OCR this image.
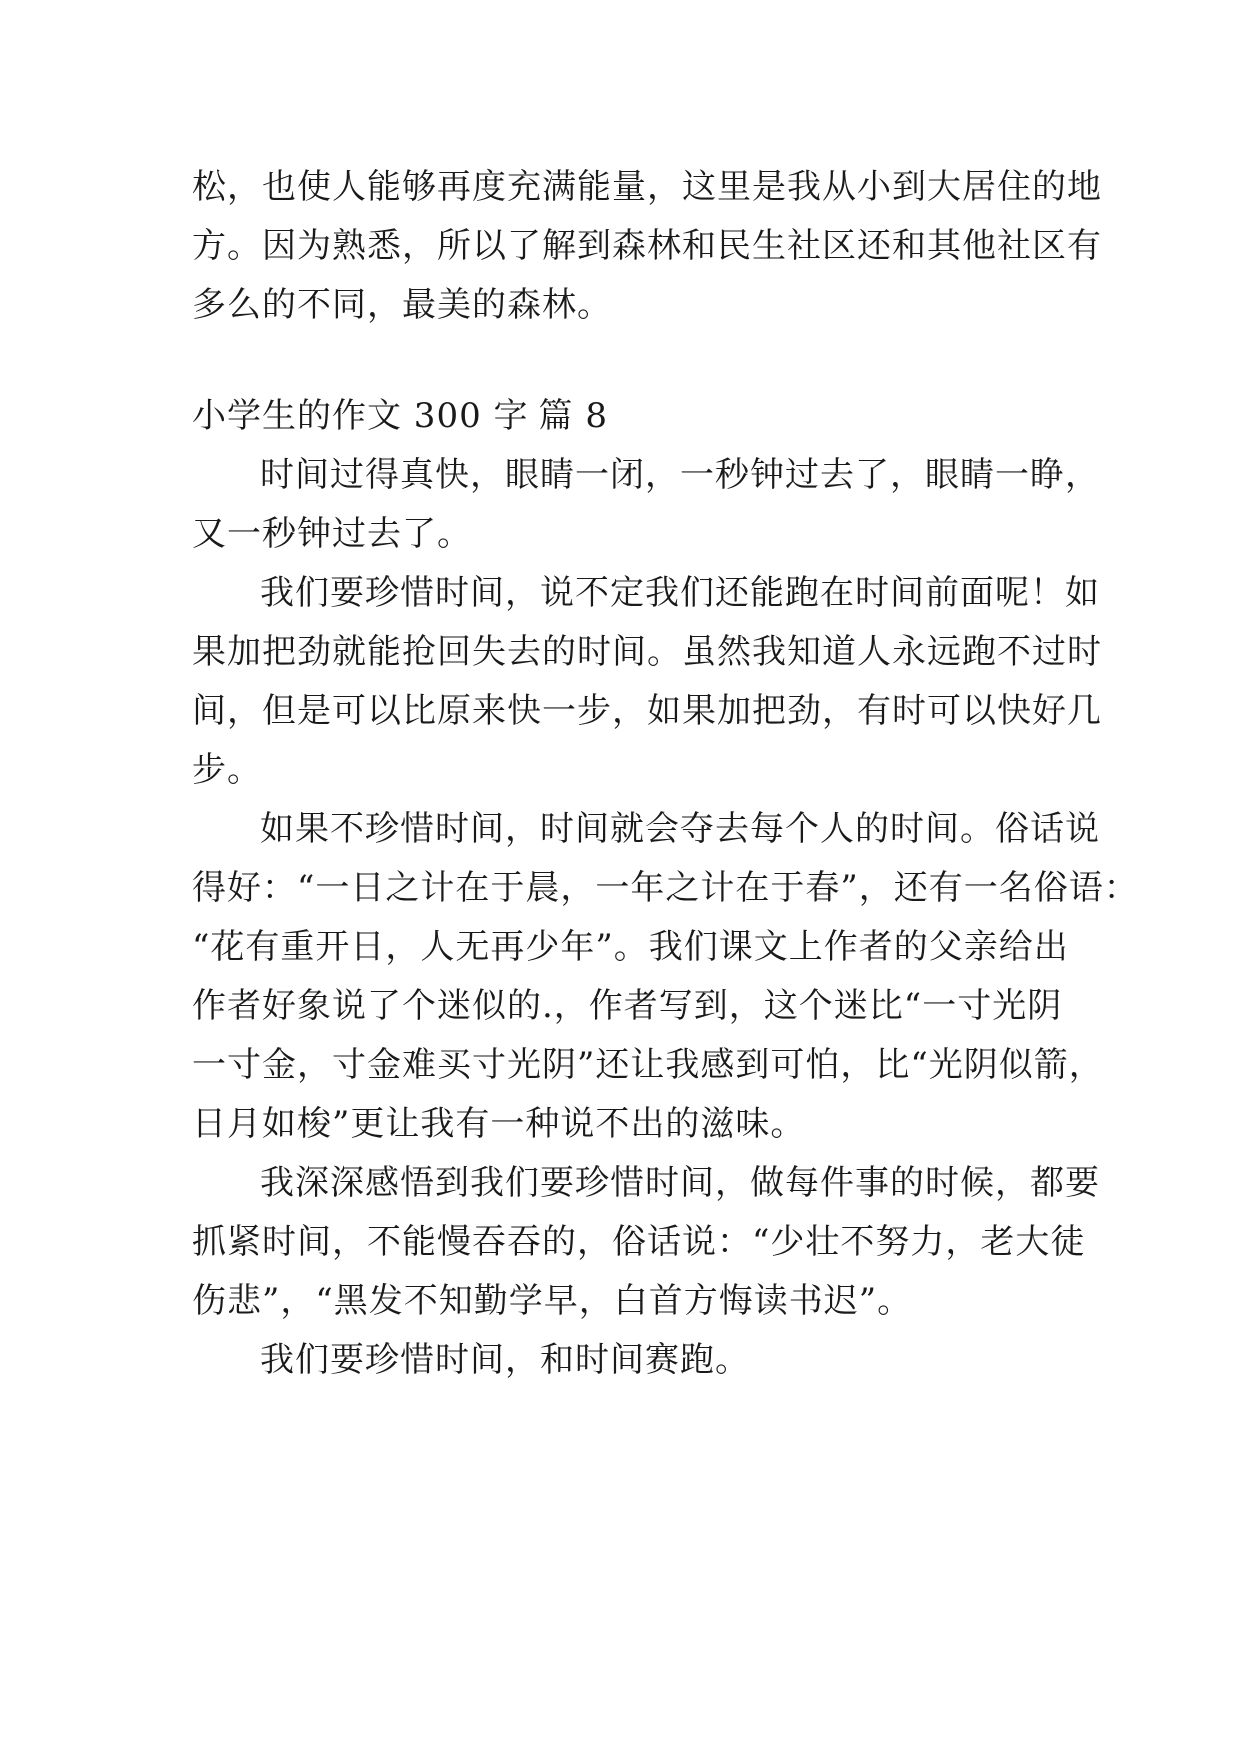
松，也使人能够再度充满能量，这里是我从小到大居住的地
方。因为熟悉，所以了解到森林和民生社区还和其他社区有
多么的不同，最美的森林。
小学生的作文 300 字 篇 8
时间过得真快，眼睛一闭，一秒钟过去了，眼睛一睁，
又一秒钟过去了。
我们要珍惜时间，说不定我们还能跑在时间前面呢！如
果加把劲就能抢回失去的时间。虽然我知道人永远跑不过时
间，但是可以比原来快一步，如果加把劲，有时可以快好几
步。
如果不珍惜时间，时间就会夺去每个人的时间。俗话说
得好：“一日之计在于晨，一年之计在于春”，还有一名俗语：
“花有重开日，人无再少年”。我们课文上作者的父亲给出
作者好象说了个迷似的.，作者写到，这个迷比“一寸光阴
一寸金，寸金难买寸光阴”还让我感到可怕，比“光阴似箭，
日月如梭”更让我有一种说不出的滋味。
我深深感悟到我们要珍惜时间，做每件事的时候，都要
抓紧时间，不能慢吞吞的，俗话说：“少壮不努力，老大徒
伤悲”，“黑发不知勤学早，白首方悔读书迟”。
我们要珍惜时间，和时间赛跑。
